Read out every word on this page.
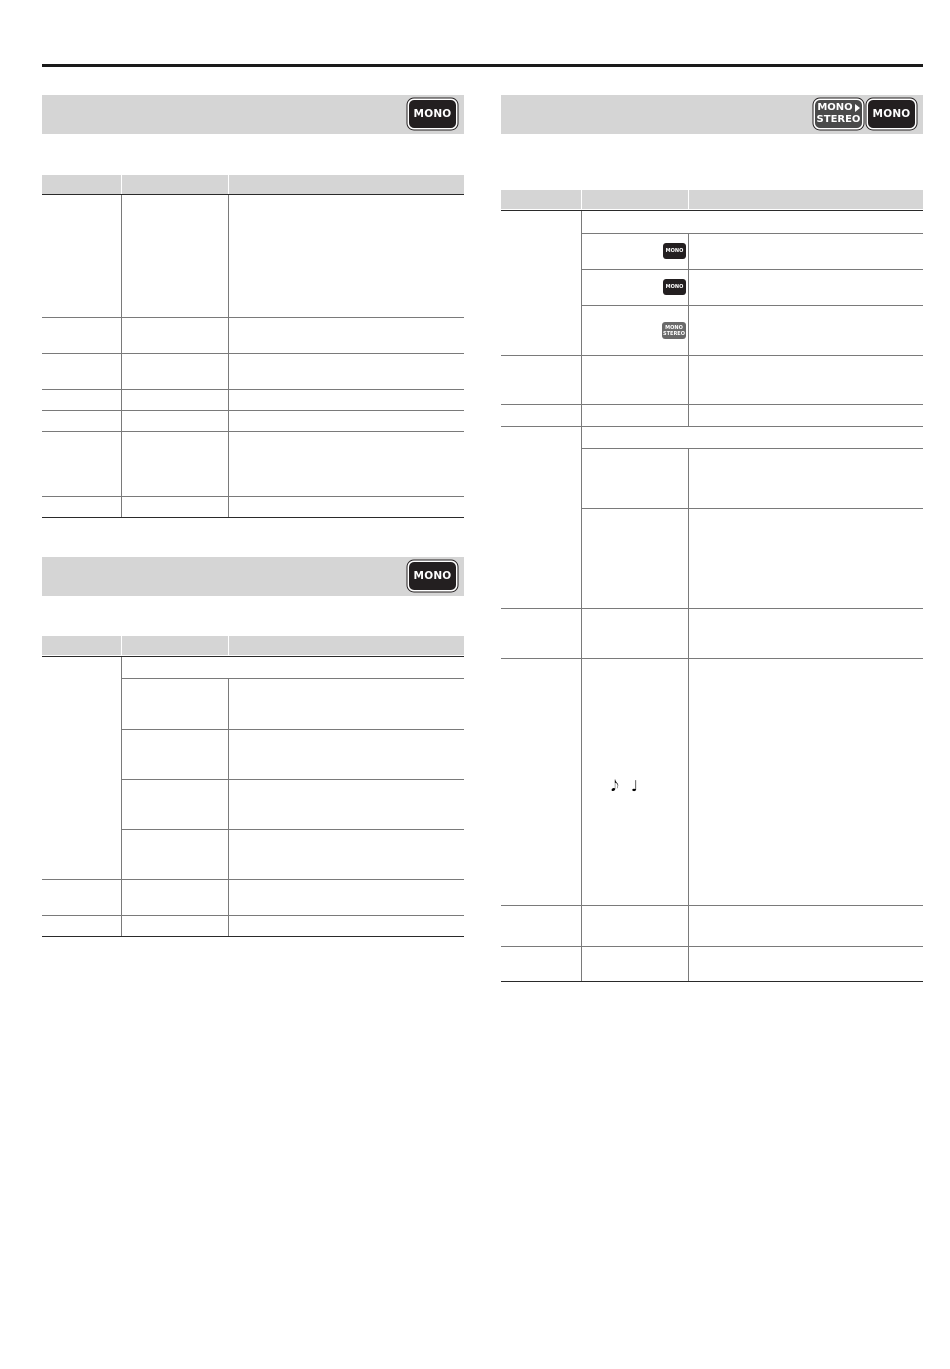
MONO
MONO
MONO
STEREO	MONO
MONO
MONO
MONO
STEREO
𝅘𝅥𝅮 ♩
